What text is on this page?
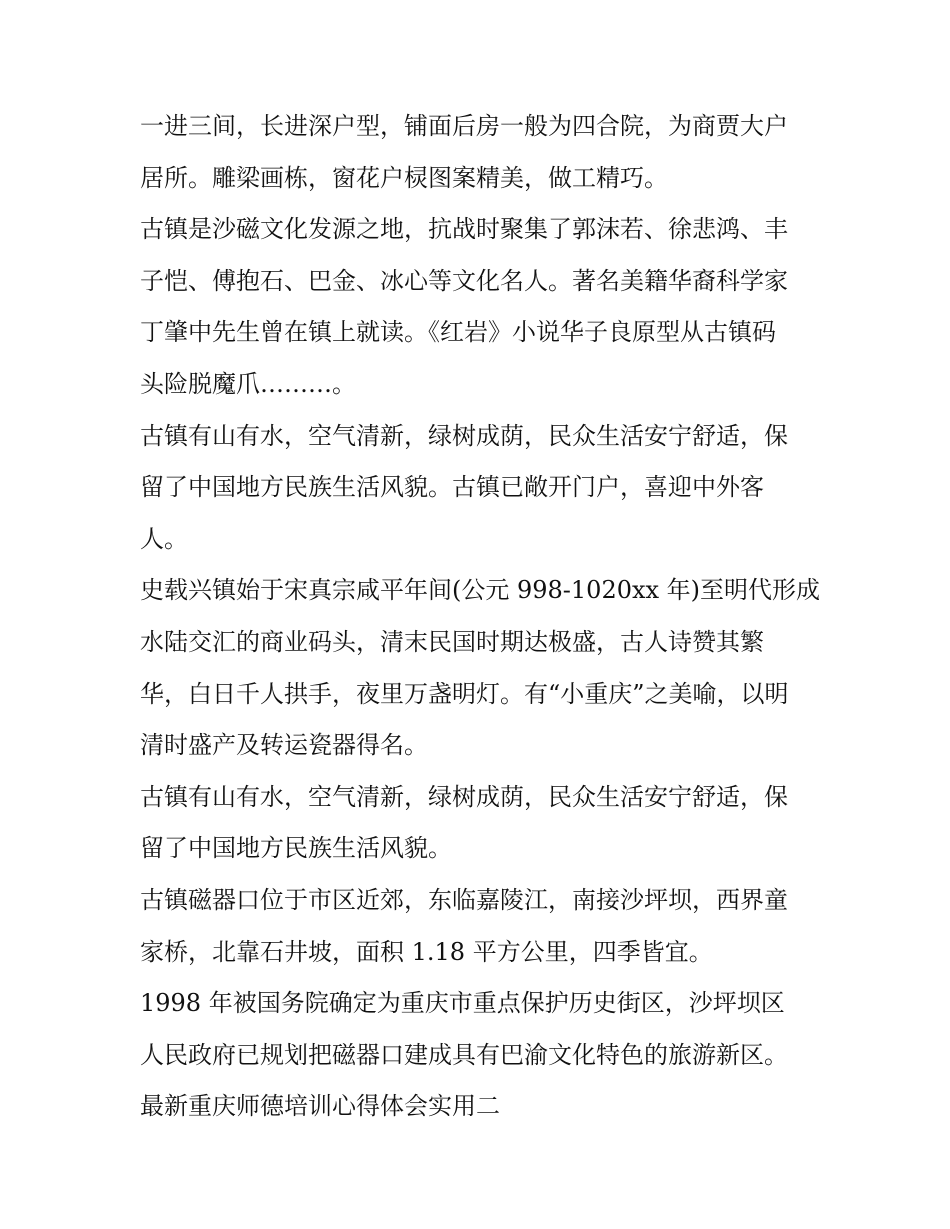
一进三间，长进深户型，铺面后房一般为四合院，为商贾大户
居所。雕梁画栋，窗花户棂图案精美，做工精巧。

古镇是沙磁文化发源之地，抗战时聚集了郭沫若、徐悲鸿、丰
子恺、傅抱石、巴金、冰心等文化名人。著名美籍华裔科学家
丁肇中先生曾在镇上就读。《红岩》小说华子良原型从古镇码
头险脱魔爪………。

古镇有山有水，空气清新，绿树成荫，民众生活安宁舒适，保
留了中国地方民族生活风貌。古镇已敞开门户，喜迎中外客
人。

史载兴镇始于宋真宗咸平年间(公元 998-1020xx 年)至明代形成
水陆交汇的商业码头，清末民国时期达极盛，古人诗赞其繁
华，白日千人拱手，夜里万盏明灯。有“小重庆”之美喻，以明
清时盛产及转运瓷器得名。

古镇有山有水，空气清新，绿树成荫，民众生活安宁舒适，保
留了中国地方民族生活风貌。

古镇磁器口位于市区近郊，东临嘉陵江，南接沙坪坝，西界童
家桥，北靠石井坡，面积 1.18 平方公里，四季皆宜。

1998 年被国务院确定为重庆市重点保护历史街区，沙坪坝区
人民政府已规划把磁器口建成具有巴渝文化特色的旅游新区。

最新重庆师德培训心得体会实用二
